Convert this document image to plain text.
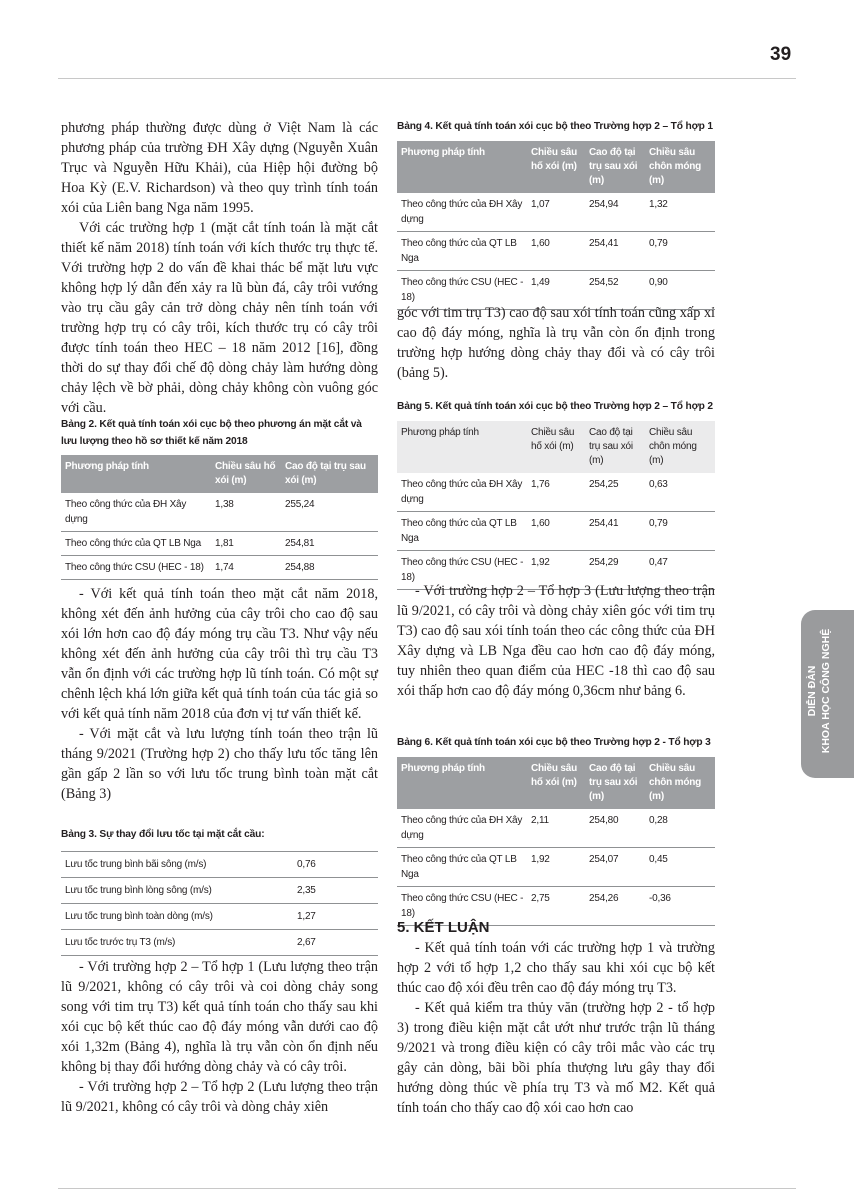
39
DIỄN ĐÀN KHOA HỌC CÔNG NGHỆ

phương pháp thường được dùng ở Việt Nam là các phương pháp của trường ĐH Xây dựng (Nguyễn Xuân Trục và Nguyễn Hữu Khải), của Hiệp hội đường bộ Hoa Kỳ (E.V. Richardson) và theo quy trình tính toán xói của Liên bang Nga năm 1995.

Với các trường hợp 1 (mặt cắt tính toán là mặt cắt thiết kế năm 2018) tính toán với kích thước trụ thực tế. Với trường hợp 2 do vấn đề khai thác bể mặt lưu vực không hợp lý dẫn đến xảy ra lũ bùn đá, cây trôi vướng vào trụ cầu gây cản trở dòng chảy nên tính toán với trường hợp trụ có cây trôi, kích thước trụ có cây trôi được tính toán theo HEC – 18 năm 2012 [16], đồng thời do sự thay đổi chế độ dòng chảy làm hướng dòng chảy lệch về bờ phải, dòng chảy không còn vuông góc với cầu.

Bảng 2. Kết quả tính toán xói cục bộ theo phương án mặt cắt và lưu lượng theo hồ sơ thiết kế năm 2018

Phương pháp tính	Chiều sâu hố xói (m)	Cao độ tại trụ sau xói (m)
Theo công thức của ĐH Xây dựng	1,38	255,24
Theo công thức của QT LB Nga	1,81	254,81
Theo công thức CSU (HEC - 18)	1,74	254,88

- Với kết quả tính toán theo mặt cắt năm 2018, không xét đến ảnh hưởng của cây trôi cho cao độ sau xói lớn hơn cao độ đáy móng trụ cầu T3. Như vậy nếu không xét đến ảnh hưởng của cây trôi thì trụ cầu T3 vẫn ổn định với các trường hợp lũ tính toán. Có một sự chênh lệch khá lớn giữa kết quả tính toán của tác giả so với kết quả tính năm 2018 của đơn vị tư vấn thiết kế.

- Với mặt cắt và lưu lượng tính toán theo trận lũ tháng 9/2021 (Trường hợp 2) cho thấy lưu tốc tăng lên gần gấp 2 lần so với lưu tốc trung bình toàn mặt cắt (Bảng 3)

Bảng 3. Sự thay đổi lưu tốc tại mặt cắt cầu:

Lưu tốc trung bình bãi sông (m/s)	0,76
Lưu tốc trung bình lòng sông (m/s)	2,35
Lưu tốc trung bình toàn dòng (m/s)	1,27
Lưu tốc trước trụ T3 (m/s)	2,67

- Với trường hợp 2 – Tổ hợp 1 (Lưu lượng theo trận lũ 9/2021, không có cây trôi và coi dòng chảy song song với tim trụ T3) kết quả tính toán cho thấy sau khi xói cục bộ kết thúc cao độ đáy móng vẫn dưới cao độ xói 1,32m (Bảng 4), nghĩa là trụ vẫn còn ổn định nếu không bị thay đổi hướng dòng chảy và có cây trôi.

- Với trường hợp 2 – Tổ hợp 2 (Lưu lượng theo trận lũ 9/2021, không có cây trôi và dòng chảy xiên

Bảng 4. Kết quả tính toán xói cục bộ theo Trường hợp 2 – Tổ hợp 1

Phương pháp tính	Chiều sâu hố xói (m)	Cao độ tại trụ sau xói (m)	Chiều sâu chôn móng (m)
Theo công thức của ĐH Xây dựng	1,07	254,94	1,32
Theo công thức của QT LB Nga	1,60	254,41	0,79
Theo công thức CSU (HEC - 18)	1,49	254,52	0,90

góc với tim trụ T3) cao độ sau xói tính toán cũng xấp xỉ cao độ đáy móng, nghĩa là trụ vẫn còn ổn định trong trường hợp hướng dòng chảy thay đổi và có cây trôi (bảng 5).

Bảng 5. Kết quả tính toán xói cục bộ theo Trường hợp 2 – Tổ hợp 2

Phương pháp tính	Chiều sâu hố xói (m)	Cao độ tại trụ sau xói (m)	Chiều sâu chôn móng (m)
Theo công thức của ĐH Xây dựng	1,76	254,25	0,63
Theo công thức của QT LB Nga	1,60	254,41	0,79
Theo công thức CSU (HEC - 18)	1,92	254,29	0,47

- Với trường hợp 2 – Tổ hợp 3 (Lưu lượng theo trận lũ 9/2021, có cây trôi và dòng chảy xiên góc với tim trụ T3) cao độ sau xói tính toán theo các công thức của ĐH Xây dựng và LB Nga đều cao hơn cao độ đáy móng, tuy nhiên theo quan điểm của HEC -18 thì cao độ sau xói thấp hơn cao độ đáy móng 0,36cm như bảng 6.

Bảng 6. Kết quả tính toán xói cục bộ theo Trường hợp 2 - Tổ hợp 3

Phương pháp tính	Chiều sâu hố xói (m)	Cao độ tại trụ sau xói (m)	Chiều sâu chôn móng (m)
Theo công thức của ĐH Xây dựng	2,11	254,80	0,28
Theo công thức của QT LB Nga	1,92	254,07	0,45
Theo công thức CSU (HEC - 18)	2,75	254,26	-0,36

5. KẾT LUẬN

- Kết quả tính toán với các trường hợp 1 và trường hợp 2 với tổ hợp 1,2 cho thấy sau khi xói cục bộ kết thúc cao độ xói đều trên cao độ đáy móng trụ T3.

- Kết quả kiểm tra thủy văn (trường hợp 2 - tổ hợp 3) trong điều kiện mặt cắt ướt như trước trận lũ tháng 9/2021 và trong điều kiện có cây trôi mắc vào các trụ gây cản dòng, bãi bồi phía thượng lưu gây thay đổi hướng dòng thúc về phía trụ T3 và mố M2. Kết quả tính toán cho thấy cao độ xói cao hơn cao
